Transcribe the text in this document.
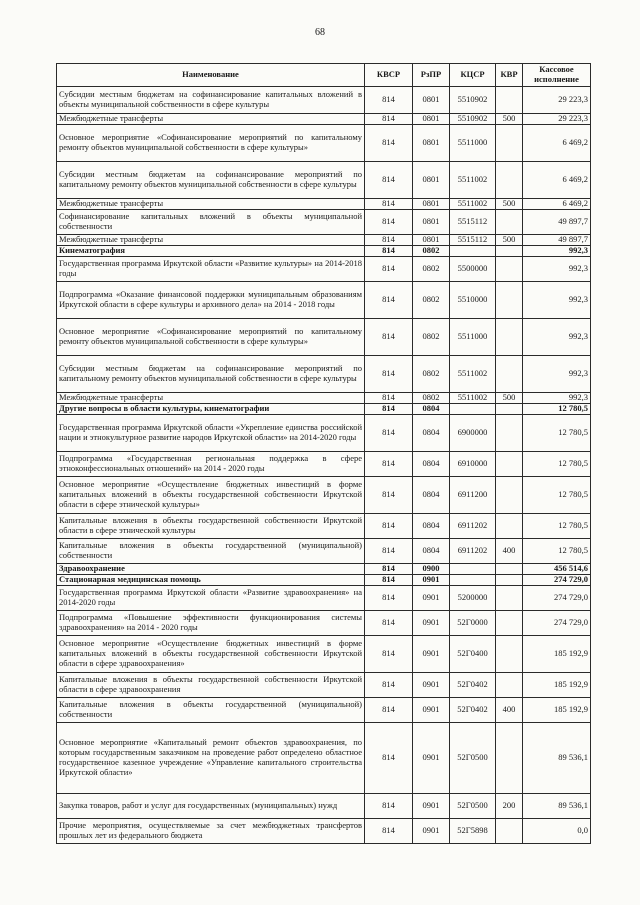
68
Наименование	КВСР	РзПР	КЦСР	КВР	Кассовое исполнение
Субсидии местным бюджетам на софинансирование капитальных вложений в объекты муниципальной собственности в сфере культуры	814	0801	5510902		29 223,3
Межбюджетные трансферты	814	0801	5510902	500	29 223,3
Основное мероприятие «Софинансирование мероприятий по капитальному ремонту объектов муниципальной собственности в сфере культуры»	814	0801	5511000		6 469,2
Субсидии местным бюджетам на софинансирование мероприятий по капитальному ремонту объектов муниципальной собственности в сфере культуры	814	0801	5511002		6 469,2
Межбюджетные трансферты	814	0801	5511002	500	6 469,2
Софинансирование капитальных вложений в объекты муниципальной собственности	814	0801	5515112		49 897,7
Межбюджетные трансферты	814	0801	5515112	500	49 897,7
Кинематография	814	0802			992,3
Государственная программа Иркутской области «Развитие культуры» на 2014-2018 годы	814	0802	5500000		992,3
Подпрограмма «Оказание финансовой поддержки муниципальным образованиям Иркутской области в сфере культуры и архивного дела» на 2014 - 2018 годы	814	0802	5510000		992,3
Основное мероприятие «Софинансирование мероприятий по капитальному ремонту объектов муниципальной собственности в сфере культуры»	814	0802	5511000		992,3
Субсидии местным бюджетам на софинансирование мероприятий по капитальному ремонту объектов муниципальной собственности в сфере культуры	814	0802	5511002		992,3
Межбюджетные трансферты	814	0802	5511002	500	992,3
Другие вопросы в области культуры, кинематографии	814	0804			12 780,5
Государственная программа Иркутской области «Укрепление единства российской нации и этнокультурное развитие народов Иркутской области» на 2014-2020 годы	814	0804	6900000		12 780,5
Подпрограмма «Государственная региональная поддержка в сфере этноконфессиональных отношений» на 2014 - 2020 годы	814	0804	6910000		12 780,5
Основное мероприятие «Осуществление бюджетных инвестиций в форме капитальных вложений в объекты государственной собственности Иркутской области в сфере этнической культуры»	814	0804	6911200		12 780,5
Капитальные вложения в объекты государственной собственности Иркутской области в сфере этнической культуры	814	0804	6911202		12 780,5
Капитальные вложения в объекты государственной (муниципальной) собственности	814	0804	6911202	400	12 780,5
Здравоохранение	814	0900			456 514,6
Стационарная медицинская помощь	814	0901			274 729,0
Государственная программа Иркутской области «Развитие здравоохранения» на 2014-2020 годы	814	0901	5200000		274 729,0
Подпрограмма «Повышение эффективности функционирования системы здравоохранения» на 2014 - 2020 годы	814	0901	52Г0000		274 729,0
Основное мероприятие «Осуществление бюджетных инвестиций в форме капитальных вложений в объекты государственной собственности Иркутской области в сфере здравоохранения»	814	0901	52Г0400		185 192,9
Капитальные вложения в объекты государственной собственности Иркутской области в сфере здравоохранения	814	0901	52Г0402		185 192,9
Капитальные вложения в объекты государственной (муниципальной) собственности	814	0901	52Г0402	400	185 192,9
Основное мероприятие «Капитальный ремонт объектов здравоохранения, по которым государственным заказчиком на проведение работ определено областное государственное казенное учреждение «Управление капитального строительства Иркутской области»	814	0901	52Г0500		89 536,1
Закупка товаров, работ и услуг для государственных (муниципальных) нужд	814	0901	52Г0500	200	89 536,1
Прочие мероприятия, осуществляемые за счет межбюджетных трансфертов прошлых лет из федерального бюджета	814	0901	52Г5898		0,0
